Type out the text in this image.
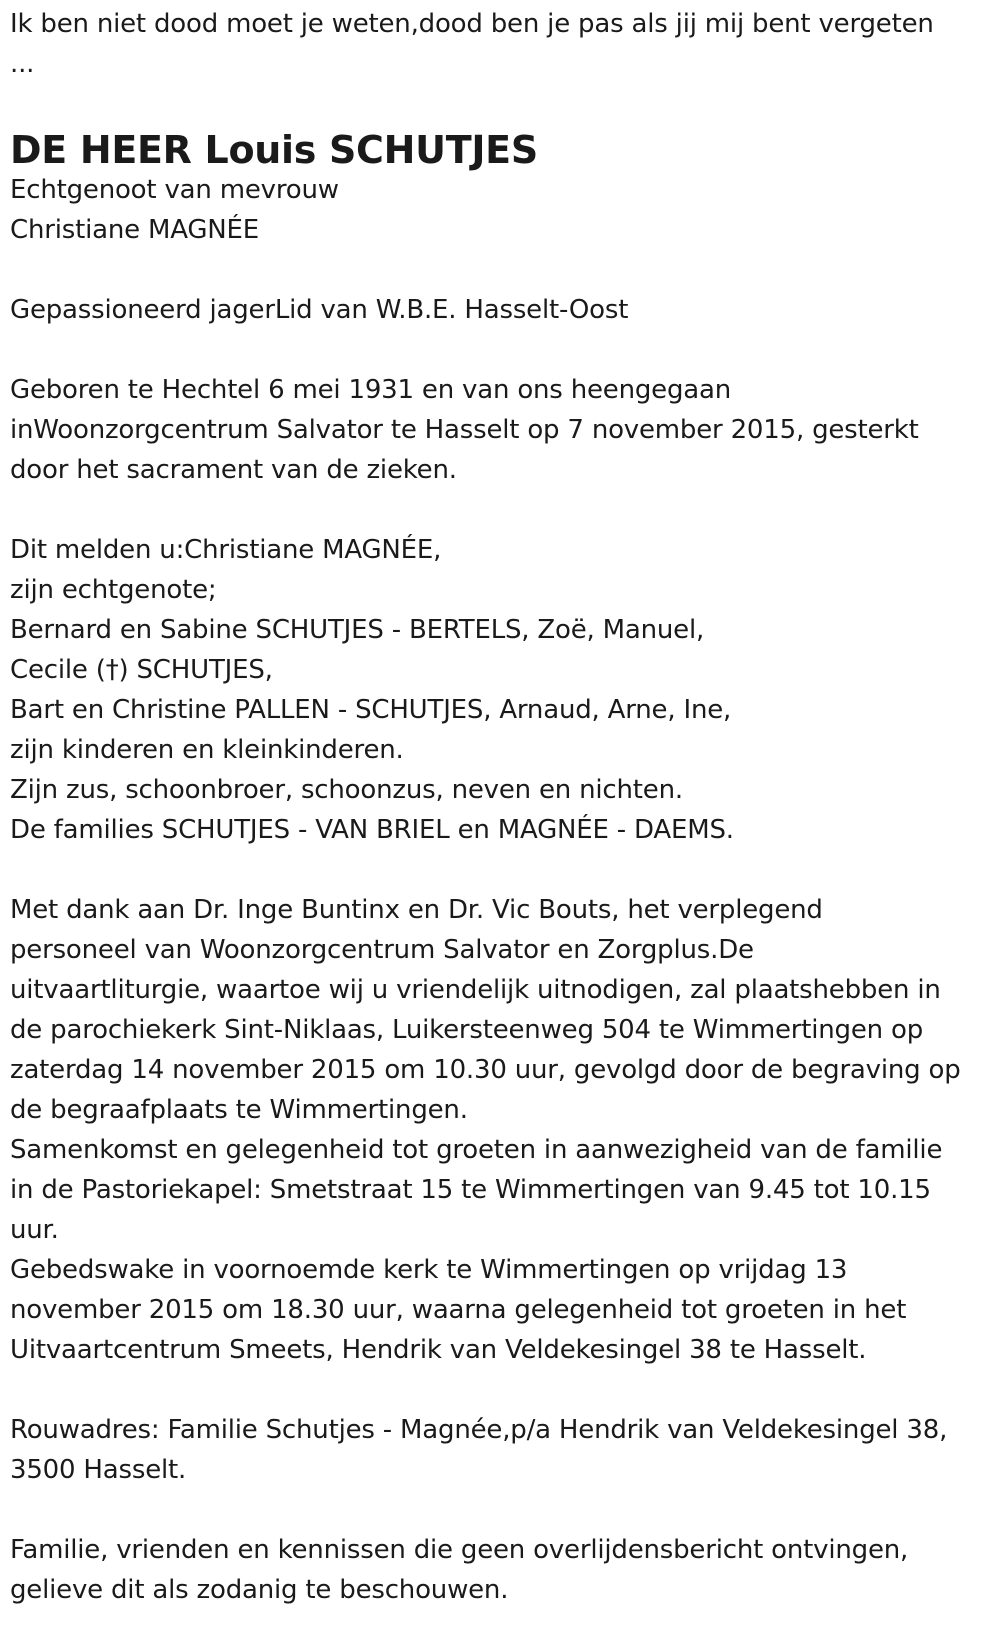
Ik ben niet dood moet je weten,dood ben je pas als jij mij bent vergeten
...
DE HEER Louis SCHUTJES
Echtgenoot van mevrouw
Christiane MAGNÉE
Gepassioneerd jagerLid van W.B.E. Hasselt-Oost
Geboren te Hechtel 6 mei 1931 en van ons heengegaan
inWoonzorgcentrum Salvator te Hasselt op 7 november 2015, gesterkt
door het sacrament van de zieken.
Dit melden u:Christiane MAGNÉE,
zijn echtgenote;
Bernard en Sabine SCHUTJES - BERTELS, Zoë, Manuel,
Cecile (†) SCHUTJES,
Bart en Christine PALLEN - SCHUTJES, Arnaud, Arne, Ine,
zijn kinderen en kleinkinderen.
Zijn zus, schoonbroer, schoonzus, neven en nichten.
De families SCHUTJES - VAN BRIEL en MAGNÉE - DAEMS.
Met dank aan Dr. Inge Buntinx en Dr. Vic Bouts, het verplegend
personeel van Woonzorgcentrum Salvator en Zorgplus.De
uitvaartliturgie, waartoe wij u vriendelijk uitnodigen, zal plaatshebben in
de parochiekerk Sint-Niklaas, Luikersteenweg 504 te Wimmertingen op
zaterdag 14 november 2015 om 10.30 uur, gevolgd door de begraving op
de begraafplaats te Wimmertingen.
Samenkomst en gelegenheid tot groeten in aanwezigheid van de familie
in de Pastoriekapel: Smetstraat 15 te Wimmertingen van 9.45 tot 10.15
uur.
Gebedswake in voornoemde kerk te Wimmertingen op vrijdag 13
november 2015 om 18.30 uur, waarna gelegenheid tot groeten in het
Uitvaartcentrum Smeets, Hendrik van Veldekesingel 38 te Hasselt.
Rouwadres: Familie Schutjes - Magnée,p/a Hendrik van Veldekesingel 38,
3500 Hasselt.
Familie, vrienden en kennissen die geen overlijdensbericht ontvingen,
gelieve dit als zodanig te beschouwen.
